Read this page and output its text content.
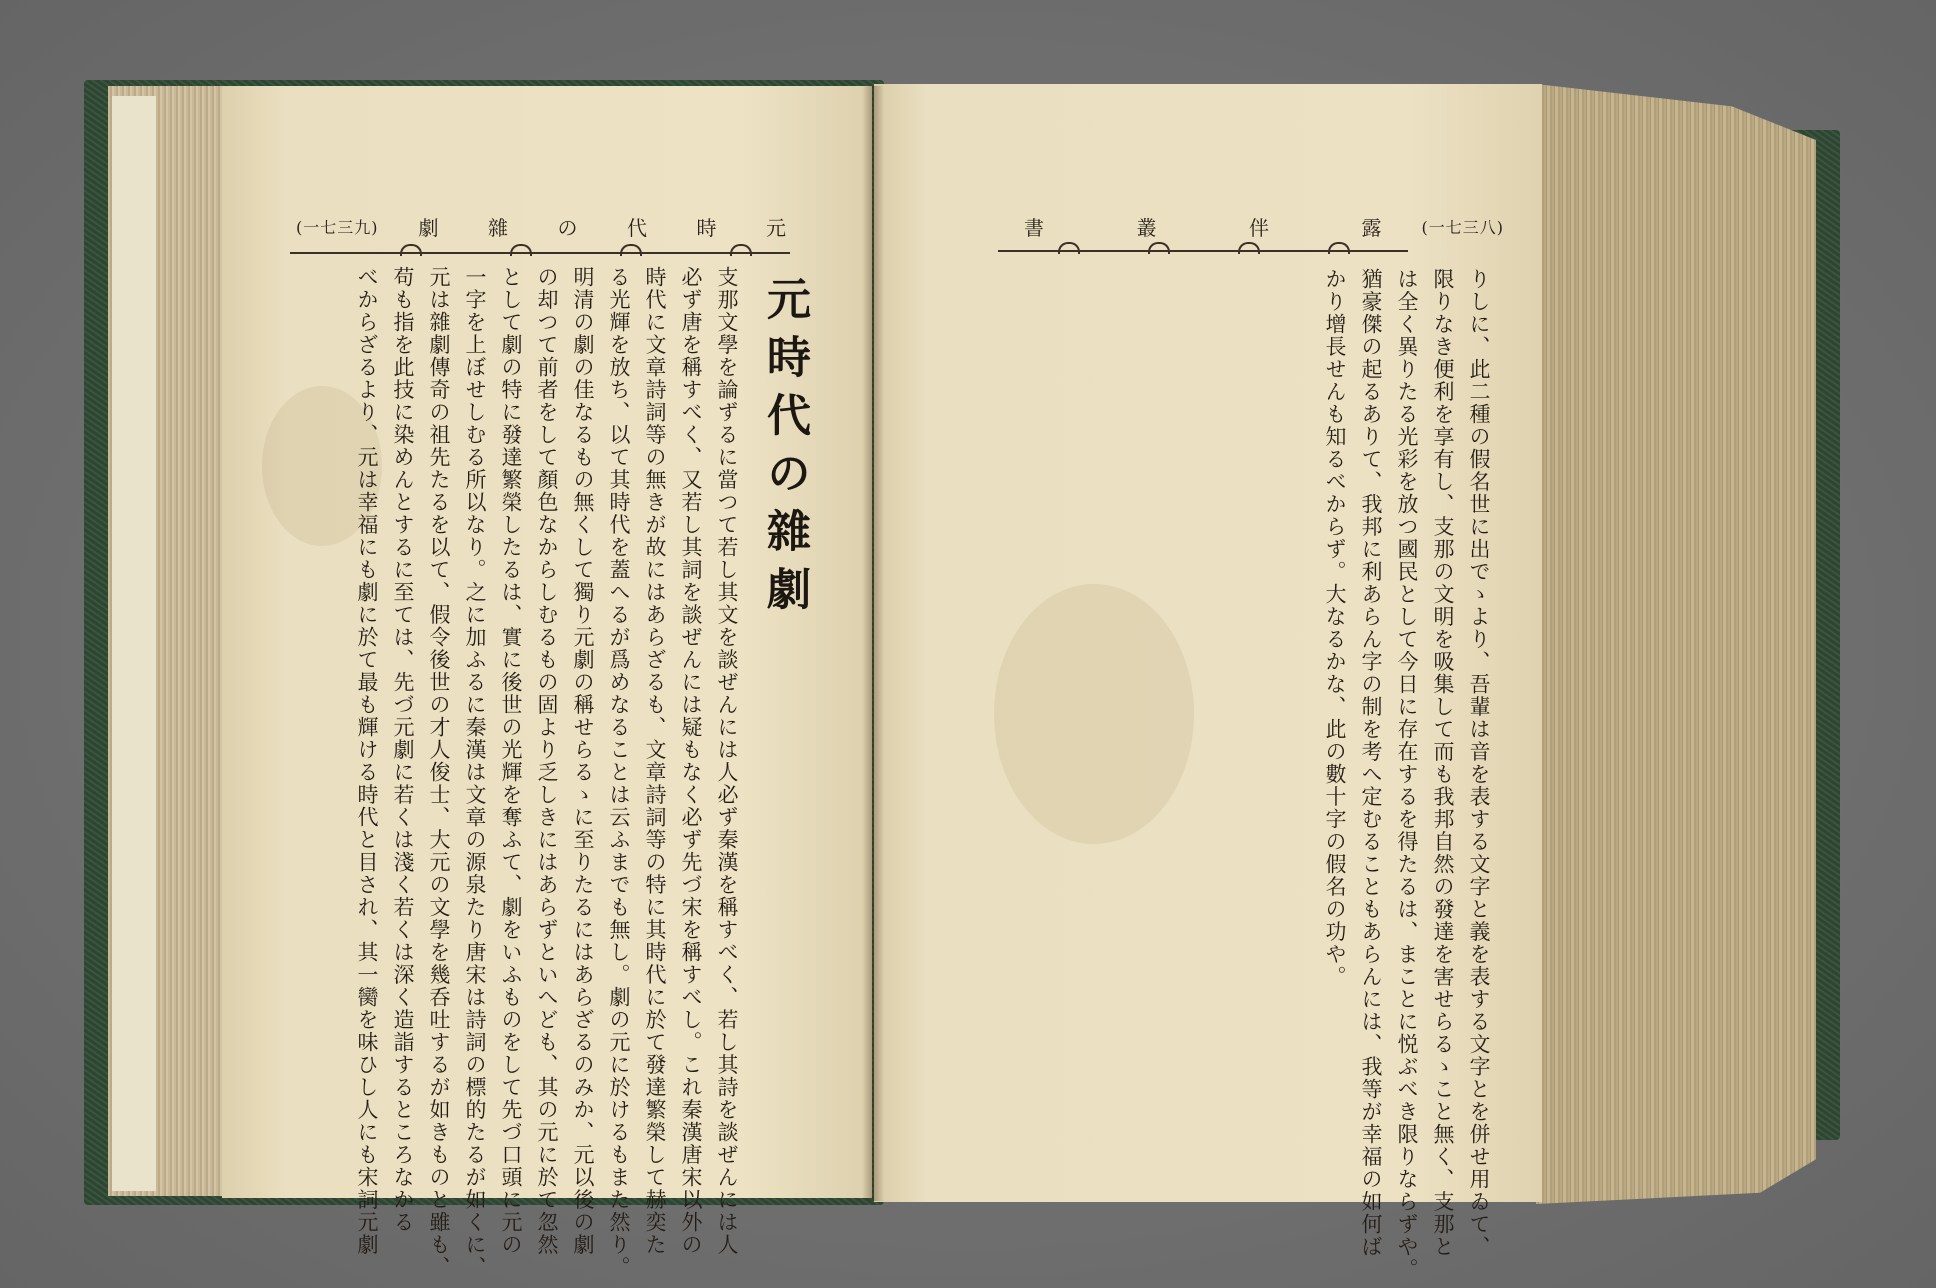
(一七三九) 劇 雜 の 代 時 元
元時代の雜劇
支那文學を論ずるに當つて若し其文を談ぜんには人必ず秦漢を稱すべく、若し其詩を談ぜんには人
必ず唐を稱すべく、又若し其詞を談ぜんには疑もなく必ず先づ宋を稱すべし。これ秦漢唐宋以外の
時代に文章詩詞等の無きが故にはあらざるも、文章詩詞等の特に其時代に於て發達繁榮して赫奕た
る光輝を放ち、以て其時代を蓋へるが爲めなることは云ふまでも無し。劇の元に於けるもまた然り。
明清の劇の佳なるもの無くして獨り元劇の稱せらるゝに至りたるにはあらざるのみか、元以後の劇
の却つて前者をして顏色なからしむるもの固より乏しきにはあらずといへども、其の元に於て忽然
として劇の特に發達繁榮したるは、實に後世の光輝を奪ふて、劇をいふものをして先づ口頭に元の
一字を上ぼせしむる所以なり。之に加ふるに秦漢は文章の源泉たり唐宋は詩詞の標的たるが如くに、
元は雜劇傳奇の祖先たるを以て、假令後世の才人俊士、大元の文學を幾呑吐するが如きものと雖も、
苟も指を此技に染めんとするに至ては、先づ元劇に若くは淺く若くは深く造詣するところなかる
べからざるより、元は幸福にも劇に於て最も輝ける時代と目され、其一臠を味ひし人にも宋詞元劇
書	叢	伴	露	(一七三八)
りしに、此二種の假名世に出でゝより、吾輩は音を表する文字と義を表する文字とを併せ用ゐて、
限りなき便利を享有し、支那の文明を吸集して而も我邦自然の發達を害せらるゝこと無く、支那と
は全く異りたる光彩を放つ國民として今日に存在するを得たるは、まことに悦ぶべき限りならずや。
猶豪傑の起るありて、我邦に利あらん字の制を考へ定むることもあらんには、我等が幸福の如何ば
かり增長せんも知るべからず。大なるかな、此の數十字の假名の功や。
